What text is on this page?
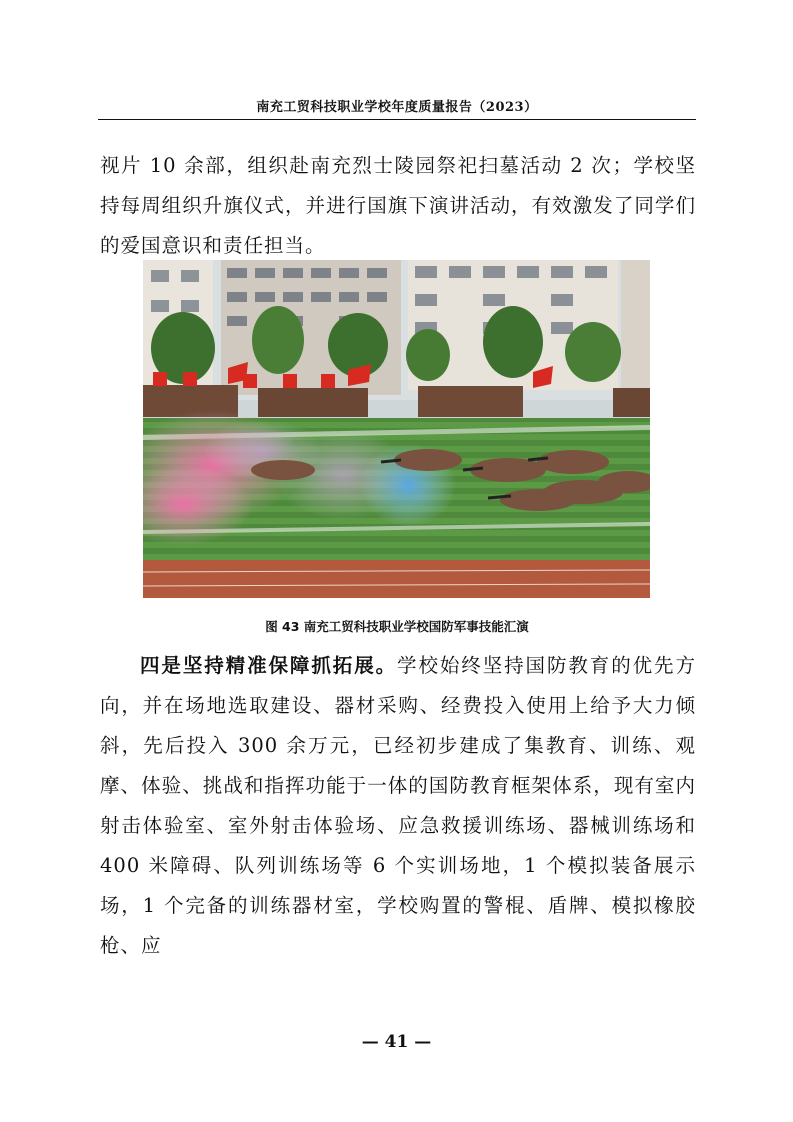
南充工贸科技职业学校年度质量报告（2023）

视片 10 余部，组织赴南充烈士陵园祭祀扫墓活动 2 次；学校坚持每周组织升旗仪式，并进行国旗下演讲活动，有效激发了同学们的爱国意识和责任担当。

图 43 南充工贸科技职业学校国防军事技能汇演

四是坚持精准保障抓拓展。学校始终坚持国防教育的优先方向，并在场地选取建设、器材采购、经费投入使用上给予大力倾斜，先后投入 300 余万元，已经初步建成了集教育、训练、观摩、体验、挑战和指挥功能于一体的国防教育框架体系，现有室内射击体验室、室外射击体验场、应急救援训练场、器械训练场和 400 米障碍、队列训练场等 6 个实训场地，1 个模拟装备展示场，1 个完备的训练器材室，学校购置的警棍、盾牌、模拟橡胶枪、应

— 41 —
